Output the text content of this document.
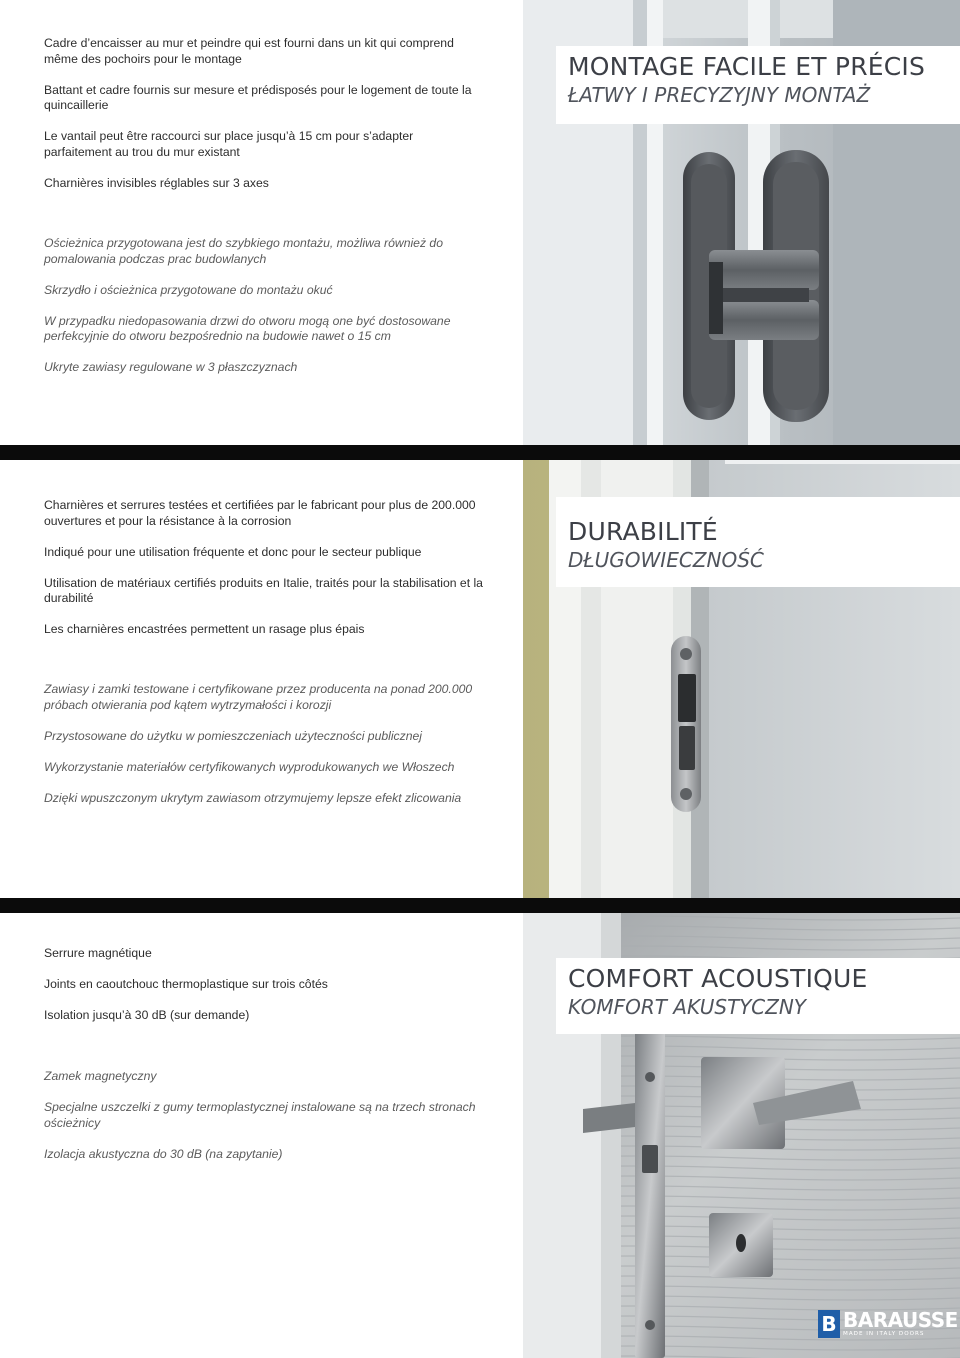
Cadre d’encaisser au mur et peindre qui est fourni dans un kit qui comprend même des pochoirs pour le montage

Battant et cadre fournis sur mesure et prédisposés pour le logement de toute la quincaillerie

Le vantail peut être raccourci sur place jusqu’à 15 cm pour s’adapter parfaitement au trou du mur existant

Charnières invisibles réglables sur 3 axes

Ościeżnica przygotowana jest do szybkiego montażu, możliwa również do pomalowania podczas prac budowlanych

Skrzydło i ościeżnica przygotowane do montażu okuć

W przypadku niedopasowania drzwi do otworu mogą one być dostosowane perfekcyjnie do otworu bezpośrednio na budowie nawet o 15 cm

Ukryte zawiasy regulowane w 3 płaszczyznach

MONTAGE FACILE ET PRÉCIS
ŁATWY I PRECYZYJNY MONTAŻ

Charnières et serrures testées et certifiées par le fabricant pour plus de 200.000 ouvertures et pour la résistance à la corrosion

Indiqué pour une utilisation fréquente et donc pour le secteur publique

Utilisation de matériaux certifiés produits en Italie, traités pour la stabilisation et la durabilité

Les charnières encastrées permettent un rasage plus épais

Zawiasy i zamki testowane i certyfikowane przez producenta na ponad 200.000 próbach otwierania pod kątem wytrzymałości i korozji

Przystosowane do użytku w pomieszczeniach użyteczności publicznej

Wykorzystanie materiałów certyfikowanych wyprodukowanych we Włoszech

Dzięki wpuszczonym ukrytym zawiasom otrzymujemy lepsze efekt zlicowania

DURABILITÉ
DŁUGOWIECZNOŚĆ

Serrure magnétique

Joints en caoutchouc thermoplastique sur trois côtés

Isolation jusqu’à 30 dB (sur demande)

Zamek magnetyczny

Specjalne uszczelki z gumy termoplastycznej instalowane są na trzech stronach ościeżnicy

Izolacja akustyczna do 30 dB (na zapytanie)

COMFORT ACOUSTIQUE
KOMFORT AKUSTYCZNY
B BARAUSSE
MADE IN ITALY DOORS
